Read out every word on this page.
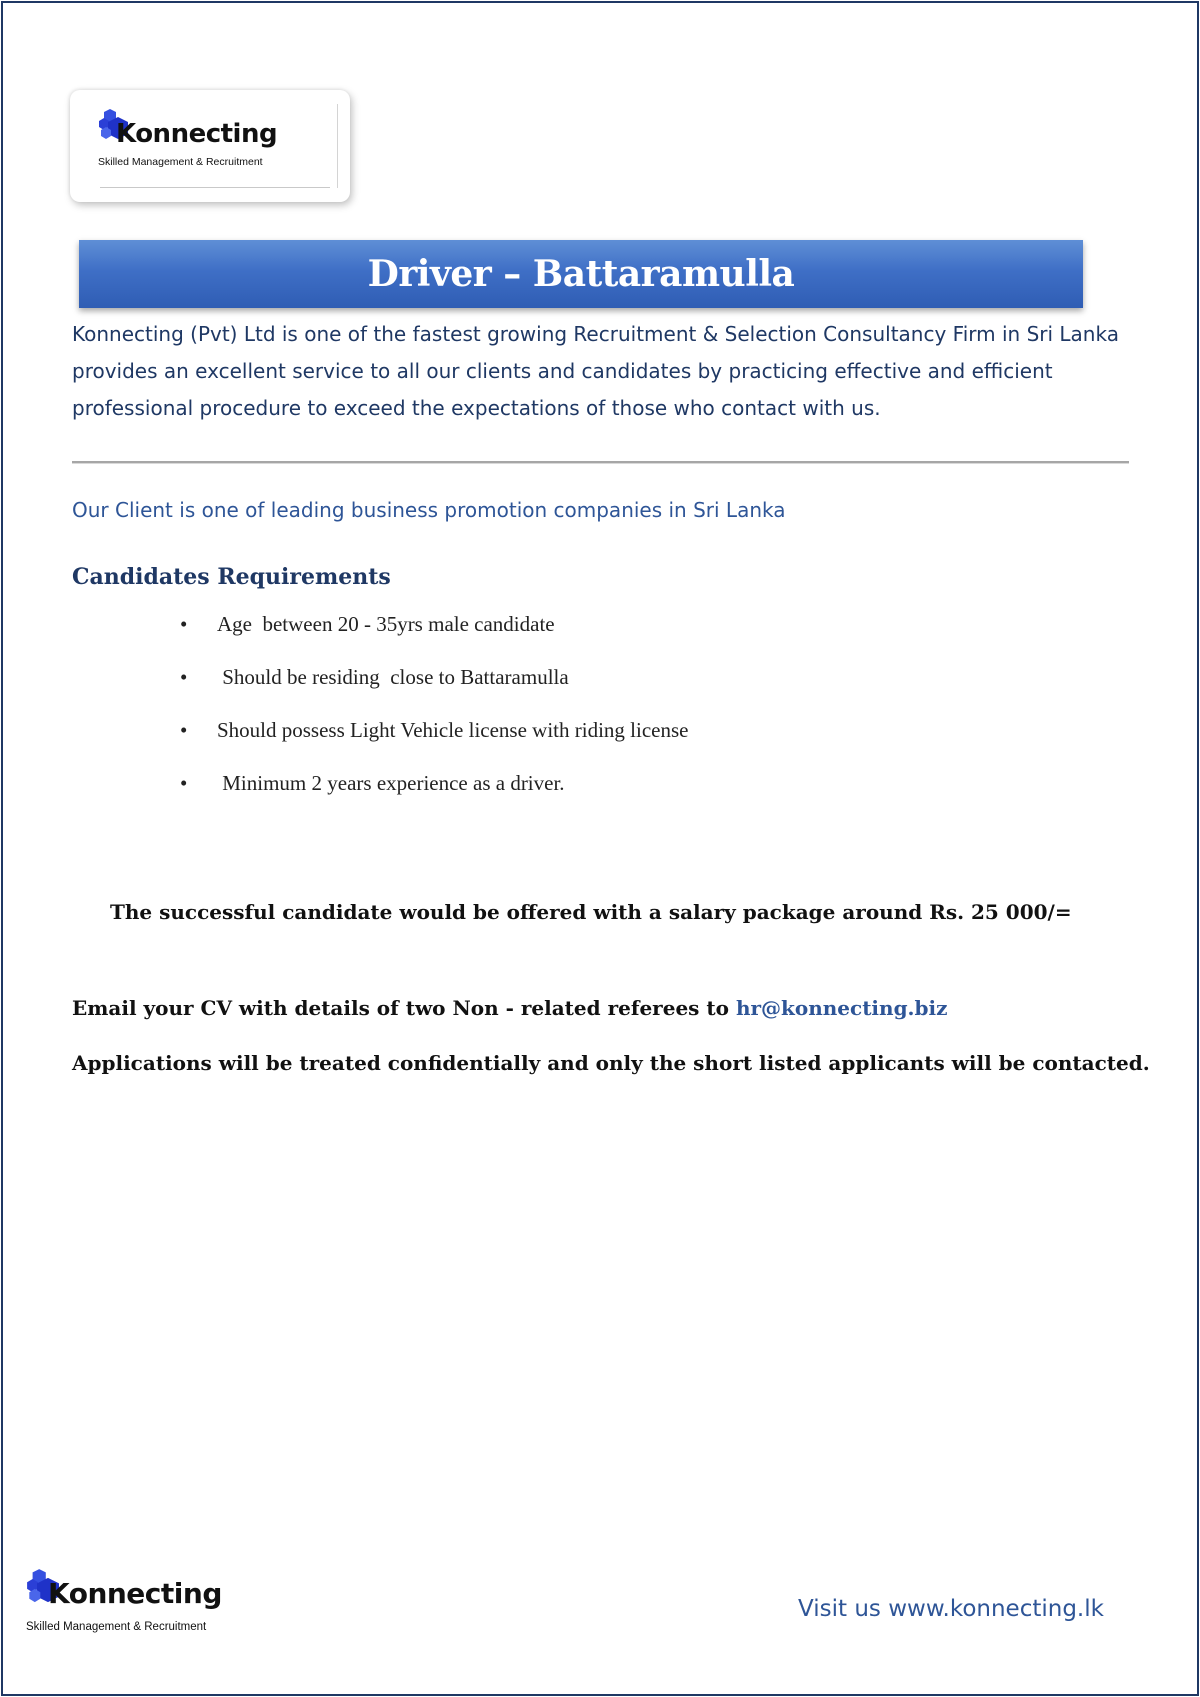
Konnecting
Skilled Management & Recruitment
Driver – Battaramulla

Konnecting (Pvt) Ltd is one of the fastest growing Recruitment & Selection Consultancy Firm in Sri Lanka provides an excellent service to all our clients and candidates by practicing effective and efficient professional procedure to exceed the expectations of those who contact with us.

Our Client is one of leading business promotion companies in Sri Lanka

Candidates Requirements

•

	Age  between 20 - 35yrs male candidate

•

	Should be residing  close to Battaramulla

•

	Should possess Light Vehicle license with riding license

•

	Minimum 2 years experience as a driver.

The successful candidate would be offered with a salary package around Rs. 25 000/=

Email your CV with details of two Non - related referees to hr@konnecting.biz

Applications will be treated confidentially and only the short listed applicants will be contacted.

Konnecting
Skilled Management & Recruitment

Visit us www.konnecting.lk
